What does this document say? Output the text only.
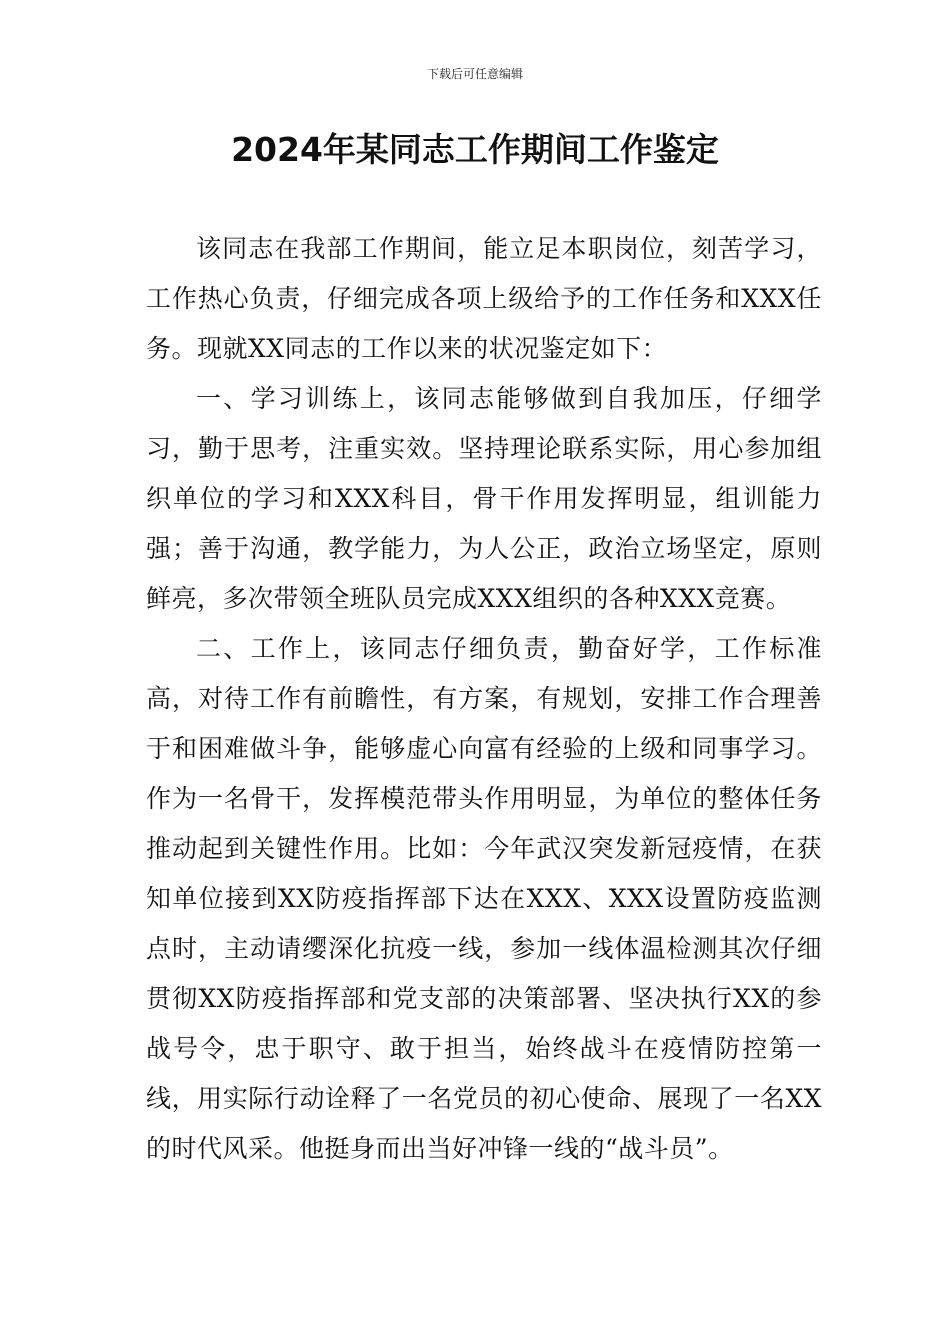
下载后可任意编辑
2024年某同志工作期间工作鉴定

该同志在我部工作期间，能立足本职岗位，刻苦学习，工作热心负责，仔细完成各项上级给予的工作任务和XXX任务。现就XX同志的工作以来的状况鉴定如下：

一、学习训练上，该同志能够做到自我加压，仔细学习，勤于思考，注重实效。坚持理论联系实际，用心参加组织单位的学习和XXX科目，骨干作用发挥明显，组训能力强；善于沟通，教学能力，为人公正，政治立场坚定，原则鲜亮，多次带领全班队员完成XXX组织的各种XXX竞赛。

二、工作上，该同志仔细负责，勤奋好学，工作标准高，对待工作有前瞻性，有方案，有规划，安排工作合理善于和困难做斗争，能够虚心向富有经验的上级和同事学习。作为一名骨干，发挥模范带头作用明显，为单位的整体任务推动起到关键性作用。比如：今年武汉突发新冠疫情，在获知单位接到XX防疫指挥部下达在XXX、XXX设置防疫监测点时，主动请缨深化抗疫一线，参加一线体温检测其次仔细贯彻XX防疫指挥部和党支部的决策部署、坚决执行XX的参战号令，忠于职守、敢于担当，始终战斗在疫情防控第一线，用实际行动诠释了一名党员的初心使命、展现了一名XX的时代风采。他挺身而出当好冲锋一线的“战斗员”。
